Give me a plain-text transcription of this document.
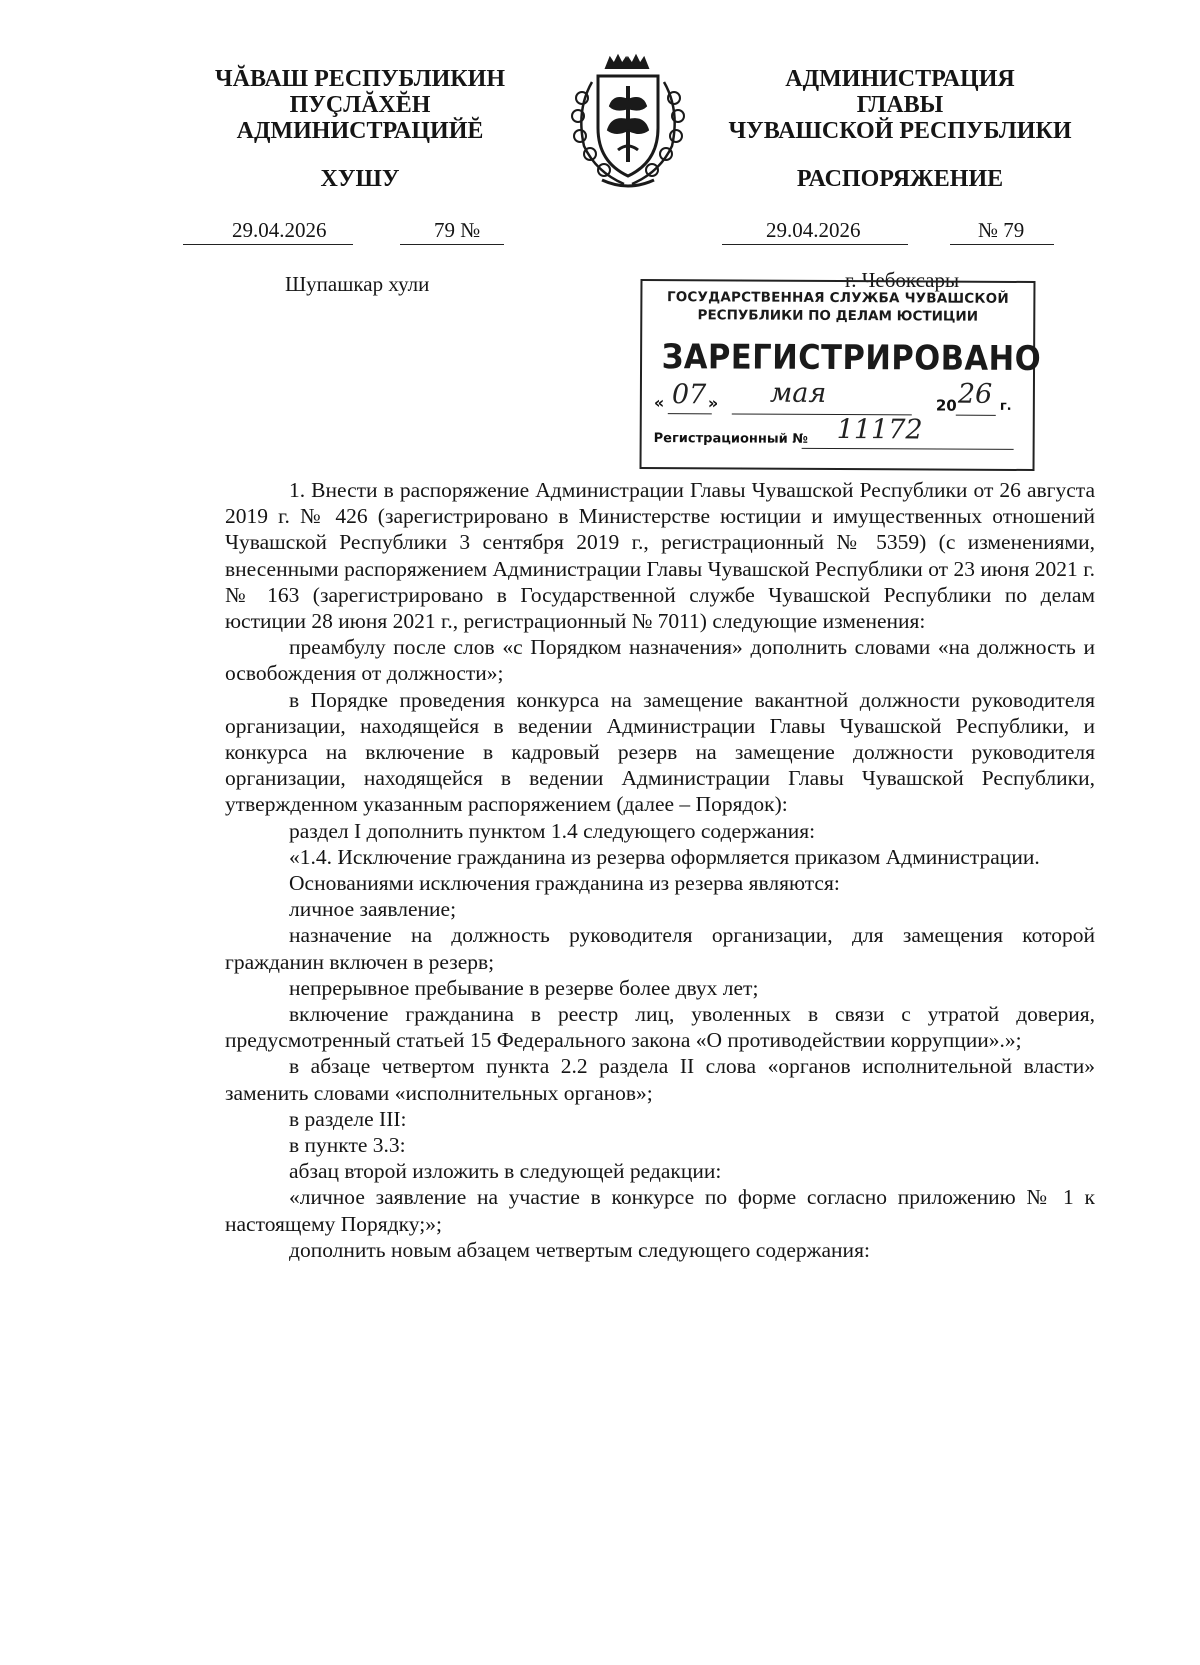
ЧĂВАШ РЕСПУБЛИКИН
ПУÇЛĂХĔН
АДМИНИСТРАЦИЙĔ
ХУШУ
АДМИНИСТРАЦИЯ
ГЛАВЫ
ЧУВАШСКОЙ РЕСПУБЛИКИ
РАСПОРЯЖЕНИЕ
29.04.2026	79 №	29.04.2026	№ 79
Шупашкар хули	г. Чебоксары
ГОСУДАРСТВЕННАЯ СЛУЖБА ЧУВАШСКОЙ
РЕСПУБЛИКИ ПО ДЕЛАМ ЮСТИЦИИ
ЗАРЕГИСТРИРОВАНО
« 07 » мая	20 26 г.
Регистрационный № 11172

1. Внести в распоряжение Администрации Главы Чувашской Республики от 26 августа 2019 г. № 426 (зарегистрировано в Министерстве юстиции и имущественных отношений Чувашской Республики 3 сентября 2019 г., регистрационный № 5359) (с изменениями, внесенными распоряжением Администрации Главы Чувашской Республики от 23 июня 2021 г. № 163 (зарегистрировано в Государственной службе Чувашской Республики по делам юстиции 28 июня 2021 г., регистрационный № 7011) следующие изменения:

преамбулу после слов «с Порядком назначения» дополнить словами «на должность и освобождения от должности»;

в Порядке проведения конкурса на замещение вакантной должности руководителя организации, находящейся в ведении Администрации Главы Чувашской Республики, и конкурса на включение в кадровый резерв на замещение должности руководителя организации, находящейся в ведении Администрации Главы Чувашской Республики, утвержденном указанным распоряжением (далее – Порядок):

раздел I дополнить пунктом 1.4 следующего содержания:

«1.4. Исключение гражданина из резерва оформляется приказом Администрации.

Основаниями исключения гражданина из резерва являются:

личное заявление;

назначение на должность руководителя организации, для замещения которой гражданин включен в резерв;

непрерывное пребывание в резерве более двух лет;

включение гражданина в реестр лиц, уволенных в связи с утратой доверия, предусмотренный статьей 15 Федерального закона «О противодействии коррупции».»;

в абзаце четвертом пункта 2.2 раздела II слова «органов исполнительной власти» заменить словами «исполнительных органов»;

в разделе III:

в пункте 3.3:

абзац второй изложить в следующей редакции:

«личное заявление на участие в конкурсе по форме согласно приложению № 1 к настоящему Порядку;»;

дополнить новым абзацем четвертым следующего содержания:
